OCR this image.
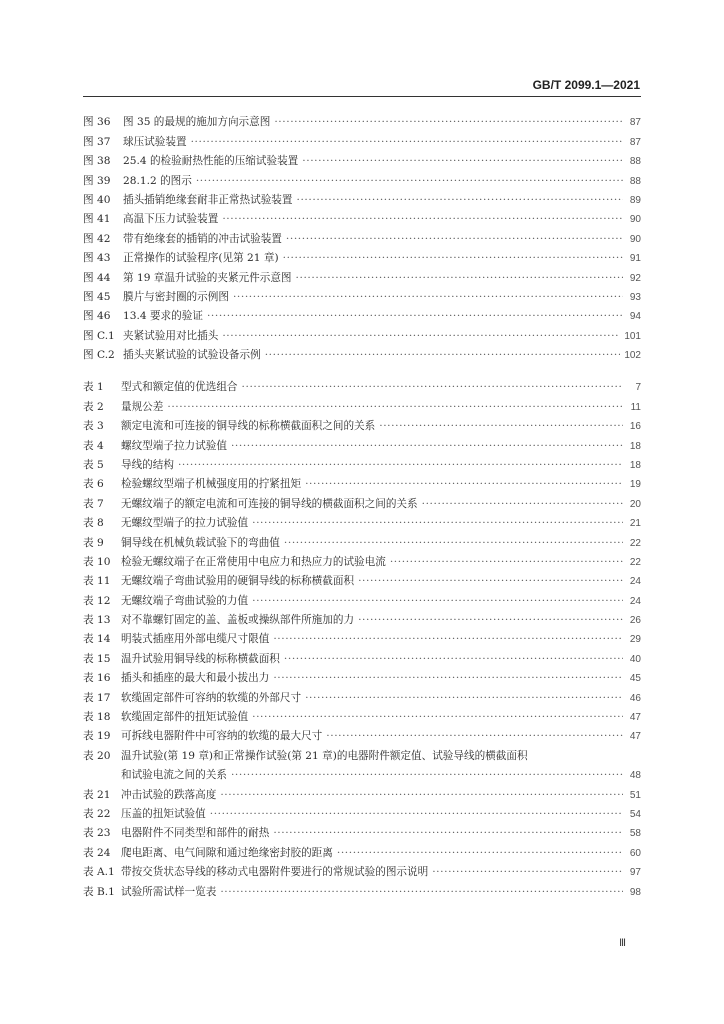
GB/T 2099.1—2021
图 36	图 35 的最规的施加方向示意图 ·····	87
图 37	球压试验装置 ·····	87
图 38	25.4 的检验耐热性能的压缩试验装置 ·····	88
图 39	28.1.2 的图示 ·····	88
图 40	插头插销绝缘套耐非正常热试验装置 ·····	89
图 41	高温下压力试验装置 ·····	90
图 42	带有绝缘套的插销的冲击试验装置 ·····	90
图 43	正常操作的试验程序(见第 21 章) ·····	91
图 44	第 19 章温升试验的夹紧元件示意图 ·····	92
图 45	膜片与密封圈的示例图 ·····	93
图 46	13.4 要求的验证 ·····	94
图 C.1 夹紧试验用对比插头 ·····	101
图 C.2 插头夹紧试验的试验设备示例 ·····	102
表 1	型式和额定值的优选组合 ·····	7
表 2	量规公差 ·····	11
表 3	额定电流和可连接的铜导线的标称横截面积之间的关系 ·····	16
表 4	螺纹型端子拉力试验值 ·····	18
表 5	导线的结构 ·····	18
表 6	检验螺纹型端子机械强度用的拧紧扭矩 ·····	19
表 7	无螺纹端子的额定电流和可连接的铜导线的横截面积之间的关系 ·····	20
表 8	无螺纹型端子的拉力试验值 ·····	21
表 9	铜导线在机械负载试验下的弯曲值 ·····	22
表 10 检验无螺纹端子在正常使用中电应力和热应力的试验电流 ·····	22
表 11 无螺纹端子弯曲试验用的硬铜导线的标称横截面积 ·····	24
表 12 无螺纹端子弯曲试验的力值 ·····	24
表 13 对不靠螺钉固定的盖、盖板或操纵部件所施加的力 ·····	26
表 14 明装式插座用外部电缆尺寸限值 ·····	29
表 15 温升试验用铜导线的标称横截面积 ·····	40
表 16 插头和插座的最大和最小拔出力 ·····	45
表 17 软缆固定部件可容纳的软缆的外部尺寸 ·····	46
表 18 软缆固定部件的扭矩试验值 ·····	47
表 19 可拆线电器附件中可容纳的软缆的最大尺寸 ·····	47
表 20 温升试验(第 19 章)和正常操作试验(第 21 章)的电器附件额定值、试验导线的横截面积
和试验电流之间的关系 ·····	48
表 21 冲击试验的跌落高度 ·····	51
表 22 压盖的扭矩试验值 ·····	54
表 23 电器附件不同类型和部件的耐热 ·····	58
表 24 爬电距离、电气间隙和通过绝缘密封胶的距离 ·····	60
表 A.1 带按交货状态导线的移动式电器附件要进行的常规试验的图示说明 ·····	97
表 B.1 试验所需试样一览表 ·····	98
Ⅲ
